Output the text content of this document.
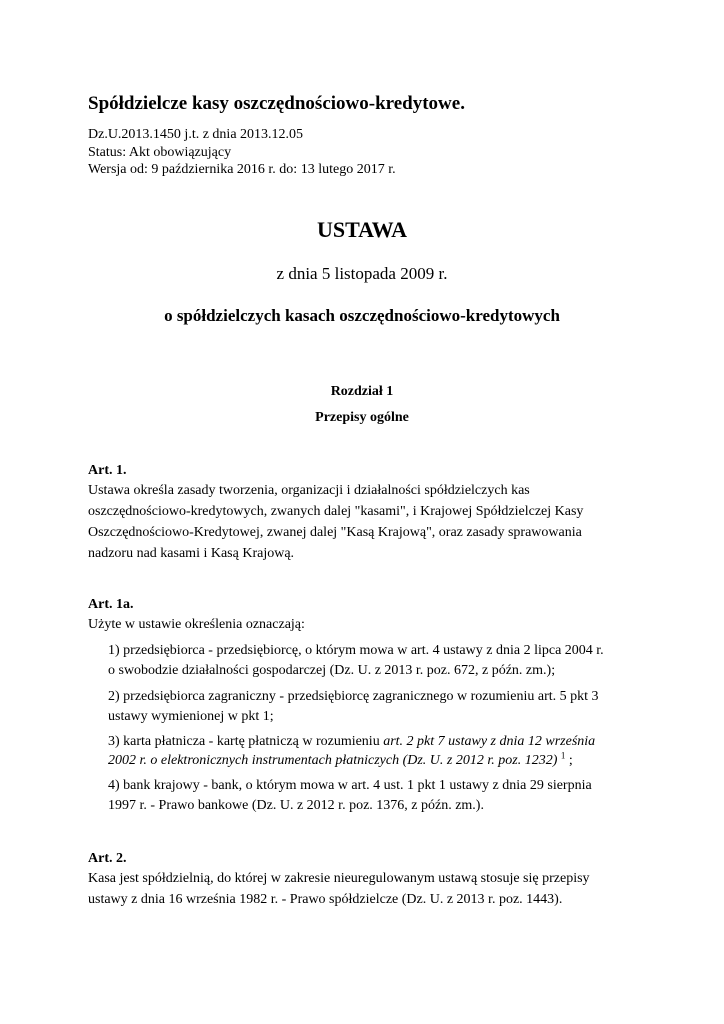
Spółdzielcze kasy oszczędnościowo-kredytowe.
Dz.U.2013.1450 j.t. z dnia 2013.12.05
Status: Akt obowiązujący
Wersja od: 9 października 2016 r. do: 13 lutego 2017 r.
USTAWA
z dnia 5 listopada 2009 r.
o spółdzielczych kasach oszczędnościowo-kredytowych
Rozdział 1
Przepisy ogólne
Art. 1.
Ustawa określa zasady tworzenia, organizacji i działalności spółdzielczych kas
oszczędnościowo-kredytowych, zwanych dalej "kasami", i Krajowej Spółdzielczej Kasy
Oszczędnościowo-Kredytowej, zwanej dalej "Kasą Krajową", oraz zasady sprawowania
nadzoru nad kasami i Kasą Krajową.
Art. 1a.
Użyte w ustawie określenia oznaczają:
1) przedsiębiorca - przedsiębiorcę, o którym mowa w art. 4 ustawy z dnia 2 lipca 2004 r.
o swobodzie działalności gospodarczej (Dz. U. z 2013 r. poz. 672, z późn. zm.);
2) przedsiębiorca zagraniczny - przedsiębiorcę zagranicznego w rozumieniu art. 5 pkt 3
ustawy wymienionej w pkt 1;
3) karta płatnicza - kartę płatniczą w rozumieniu art. 2 pkt 7 ustawy z dnia 12 września
2002 r. o elektronicznych instrumentach płatniczych (Dz. U. z 2012 r. poz. 1232) $^1$ ;
4) bank krajowy - bank, o którym mowa w art. 4 ust. 1 pkt 1 ustawy z dnia 29 sierpnia
1997 r. - Prawo bankowe (Dz. U. z 2012 r. poz. 1376, z późn. zm.).
Art. 2.
Kasa jest spółdzielnią, do której w zakresie nieuregulowanym ustawą stosuje się przepisy
ustawy z dnia 16 września 1982 r. - Prawo spółdzielcze (Dz. U. z 2013 r. poz. 1443).
